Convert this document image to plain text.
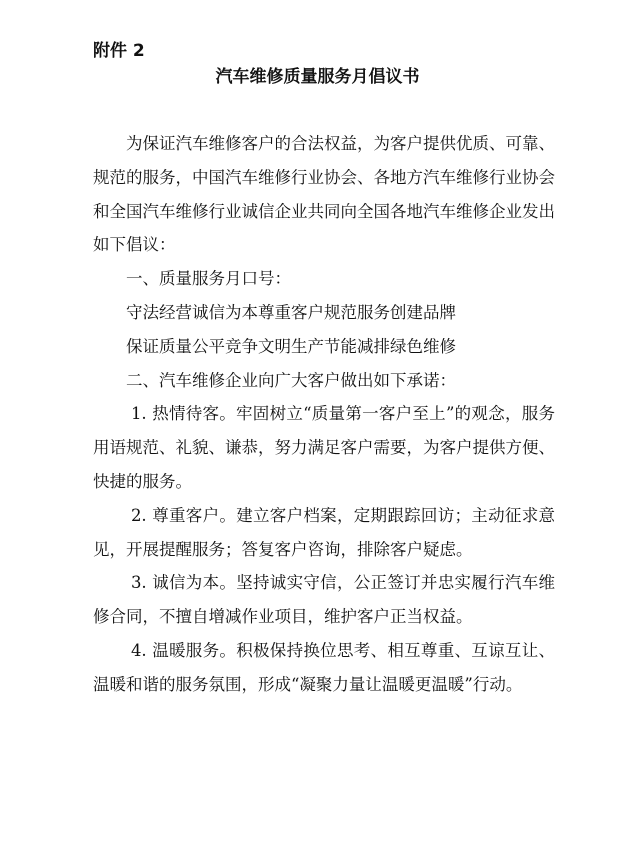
附件 2
汽车维修质量服务月倡议书

为保证汽车维修客户的合法权益，为客户提供优质、可靠、规范的服务，中国汽车维修行业协会、各地方汽车维修行业协会和全国汽车维修行业诚信企业共同向全国各地汽车维修企业发出如下倡议：

一、质量服务月口号：

守法经营诚信为本尊重客户规范服务创建品牌

保证质量公平竞争文明生产节能减排绿色维修

二、汽车维修企业向广大客户做出如下承诺：

1. 热情待客。牢固树立“质量第一客户至上”的观念，服务用语规范、礼貌、谦恭，努力满足客户需要，为客户提供方便、快捷的服务。

2. 尊重客户。建立客户档案，定期跟踪回访；主动征求意见，开展提醒服务；答复客户咨询，排除客户疑虑。

3. 诚信为本。坚持诚实守信，公正签订并忠实履行汽车维修合同，不擅自增减作业项目，维护客户正当权益。

4. 温暖服务。积极保持换位思考、相互尊重、互谅互让、温暖和谐的服务氛围，形成“凝聚力量让温暖更温暖”行动。
